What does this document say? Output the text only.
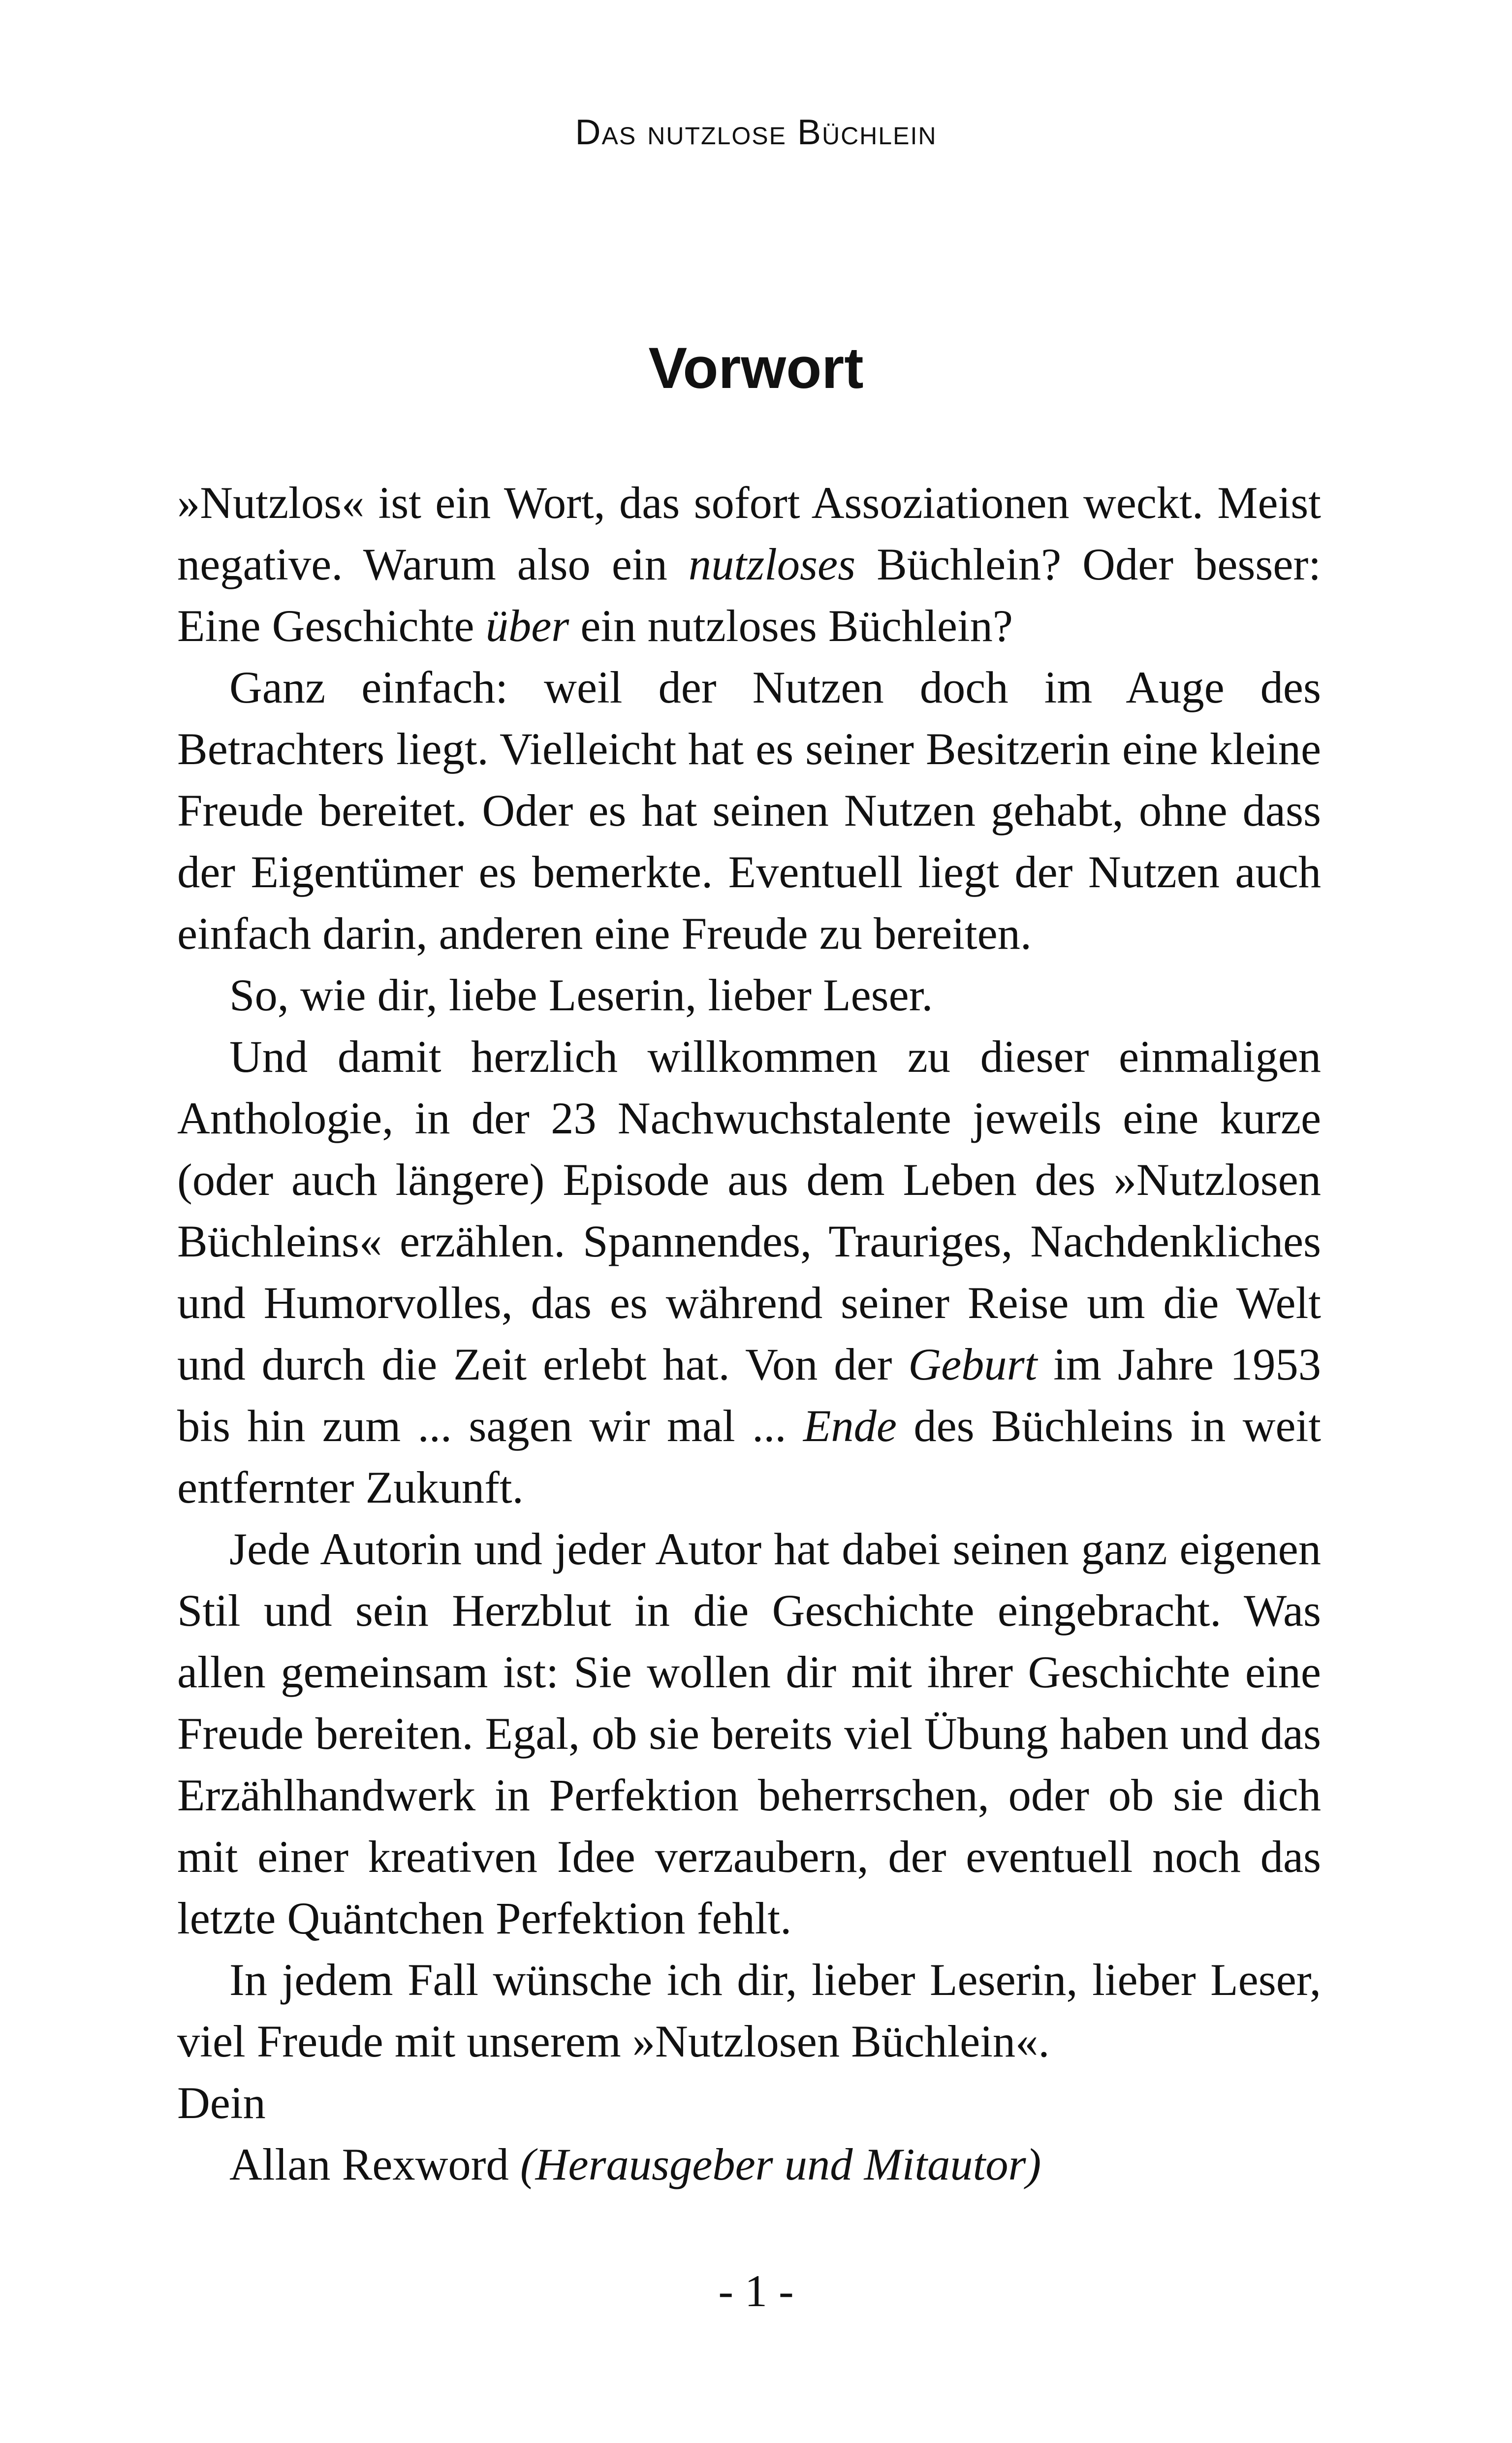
Das nutzlose Büchlein
Vorwort

»Nutzlos« ist ein Wort, das sofort Assoziationen weckt. Meist negative. Warum also ein nutzloses Büchlein? Oder besser: Eine Geschichte über ein nutzloses Büchlein?

Ganz einfach: weil der Nutzen doch im Auge des Betrachters liegt. Vielleicht hat es seiner Besitzerin eine kleine Freude bereitet. Oder es hat seinen Nutzen gehabt, ohne dass der Eigentümer es bemerkte. Eventuell liegt der Nutzen auch einfach darin, anderen eine Freude zu bereiten.

So, wie dir, liebe Leserin, lieber Leser.

Und damit herzlich willkommen zu dieser einmaligen Anthologie, in der 23 Nachwuchstalente jeweils eine kurze (oder auch längere) Episode aus dem Leben des »Nutzlosen Büchleins« erzählen. Spannendes, Trauriges, Nachdenkliches und Humorvolles, das es während seiner Reise um die Welt und durch die Zeit erlebt hat. Von der Geburt im Jahre 1953 bis hin zum ... sagen wir mal ... Ende des Büchleins in weit entfernter Zukunft.

Jede Autorin und jeder Autor hat dabei seinen ganz eigenen Stil und sein Herzblut in die Geschichte eingebracht. Was allen gemeinsam ist: Sie wollen dir mit ihrer Geschichte eine Freude bereiten. Egal, ob sie bereits viel Übung haben und das Erzählhandwerk in Perfektion beherrschen, oder ob sie dich mit einer kreativen Idee verzaubern, der eventuell noch das letzte Quäntchen Perfektion fehlt.

In jedem Fall wünsche ich dir, lieber Leserin, lieber Leser, viel Freude mit unserem »Nutzlosen Büchlein«.

Dein
Allan Rexword (Herausgeber und Mitautor)
- 1 -
